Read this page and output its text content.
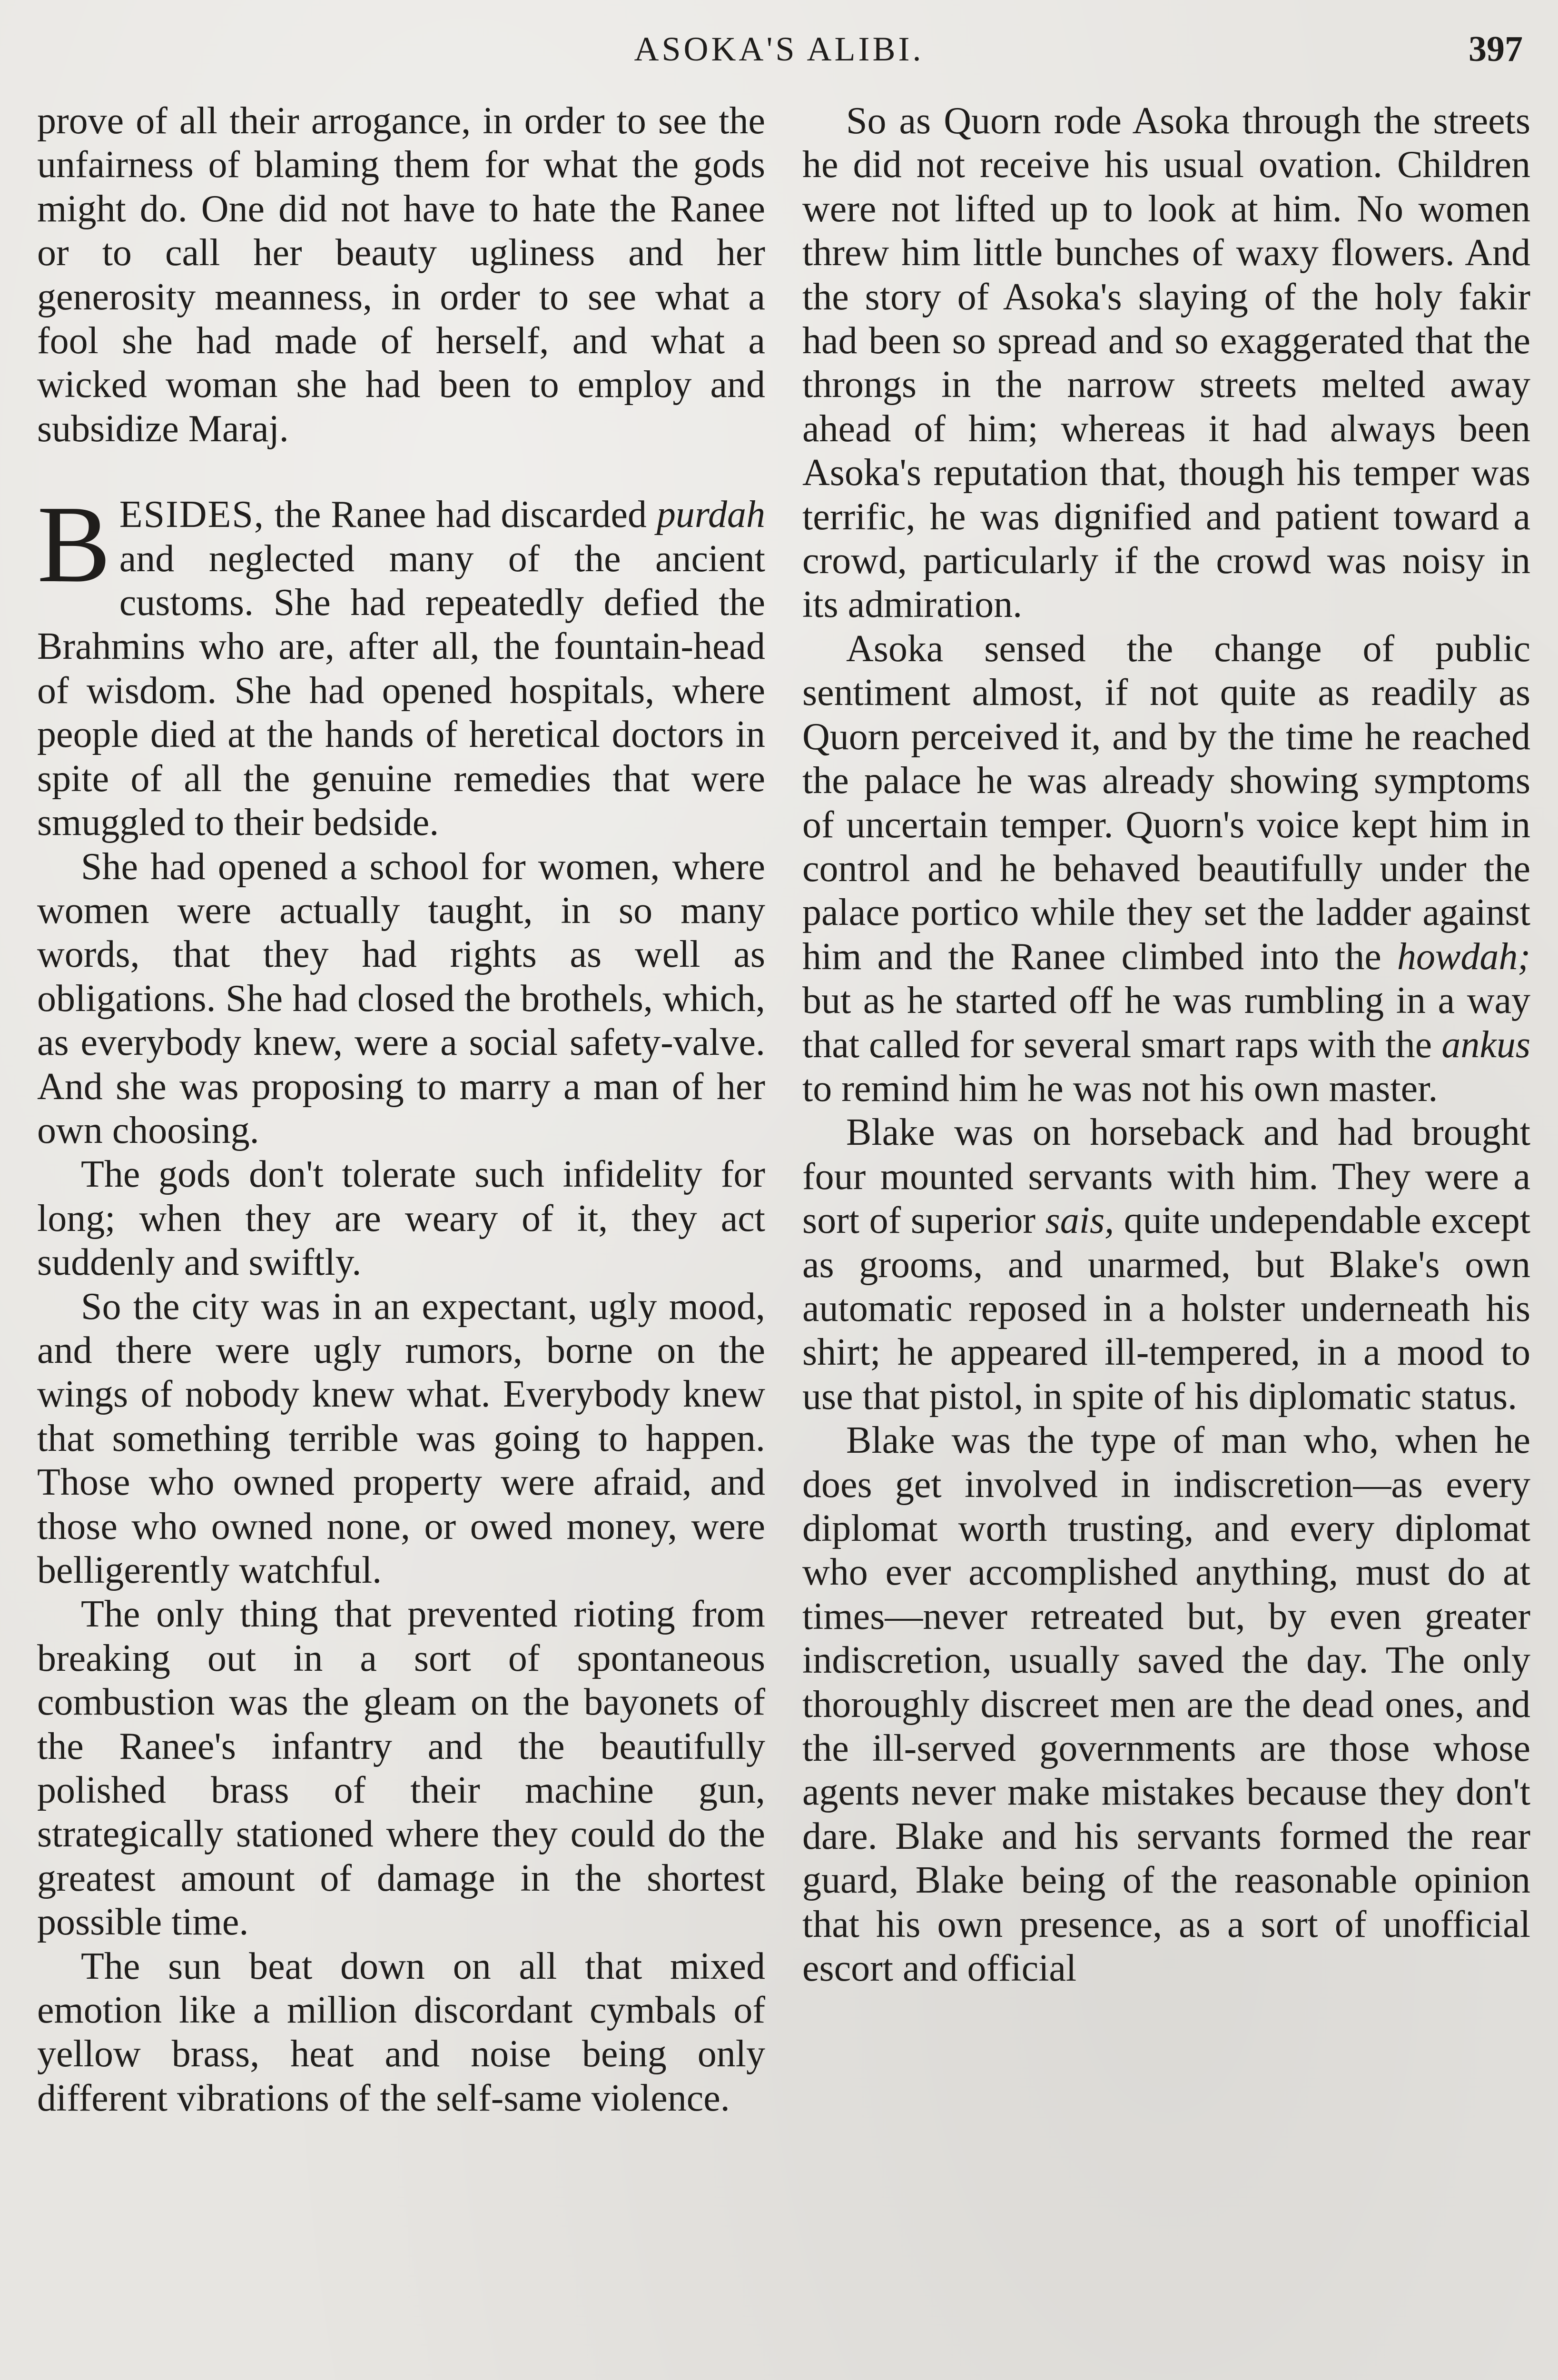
ASOKA'S ALIBI.	397

prove of all their arrogance, in order to see the unfairness of blaming them for what the gods might do. One did not have to hate the Ranee or to call her beauty ugliness and her generosity meanness, in order to see what a fool she had made of herself, and what a wicked woman she had been to employ and subsidize Maraj.

BESIDES, the Ranee had discarded purdah and neglected many of the ancient customs. She had repeatedly defied the Brahmins who are, after all, the fountain-head of wisdom. She had opened hospitals, where people died at the hands of heretical doctors in spite of all the genuine remedies that were smuggled to their bedside.

She had opened a school for women, where women were actually taught, in so many words, that they had rights as well as obligations. She had closed the brothels, which, as everybody knew, were a social safety-valve. And she was proposing to marry a man of her own choosing.

The gods don't tolerate such infidelity for long; when they are weary of it, they act suddenly and swiftly.

So the city was in an expectant, ugly mood, and there were ugly rumors, borne on the wings of nobody knew what. Everybody knew that something terrible was going to happen. Those who owned property were afraid, and those who owned none, or owed money, were belligerently watchful.

The only thing that prevented rioting from breaking out in a sort of spontaneous combustion was the gleam on the bayonets of the Ranee's infantry and the beautifully polished brass of their machine gun, strategically stationed where they could do the greatest amount of damage in the shortest possible time.

The sun beat down on all that mixed emotion like a million discordant cymbals of yellow brass, heat and noise being only different vibrations of the self-same violence.

So as Quorn rode Asoka through the streets he did not receive his usual ovation. Children were not lifted up to look at him. No women threw him little bunches of waxy flowers. And the story of Asoka's slaying of the holy fakir had been so spread and so exaggerated that the throngs in the narrow streets melted away ahead of him; whereas it had always been Asoka's reputation that, though his temper was terrific, he was dignified and patient toward a crowd, particularly if the crowd was noisy in its admiration.

Asoka sensed the change of public sentiment almost, if not quite as readily as Quorn perceived it, and by the time he reached the palace he was already showing symptoms of uncertain temper. Quorn's voice kept him in control and he behaved beautifully under the palace portico while they set the ladder against him and the Ranee climbed into the howdah; but as he started off he was rumbling in a way that called for several smart raps with the ankus to remind him he was not his own master.

Blake was on horseback and had brought four mounted servants with him. They were a sort of superior sais, quite undependable except as grooms, and unarmed, but Blake's own automatic reposed in a holster underneath his shirt; he appeared ill-tempered, in a mood to use that pistol, in spite of his diplomatic status.

Blake was the type of man who, when he does get involved in indiscretion—as every diplomat worth trusting, and every diplomat who ever accomplished anything, must do at times—never retreated but, by even greater indiscretion, usually saved the day. The only thoroughly discreet men are the dead ones, and the ill-served governments are those whose agents never make mistakes because they don't dare. Blake and his servants formed the rear guard, Blake being of the reasonable opinion that his own presence, as a sort of unofficial escort and official
